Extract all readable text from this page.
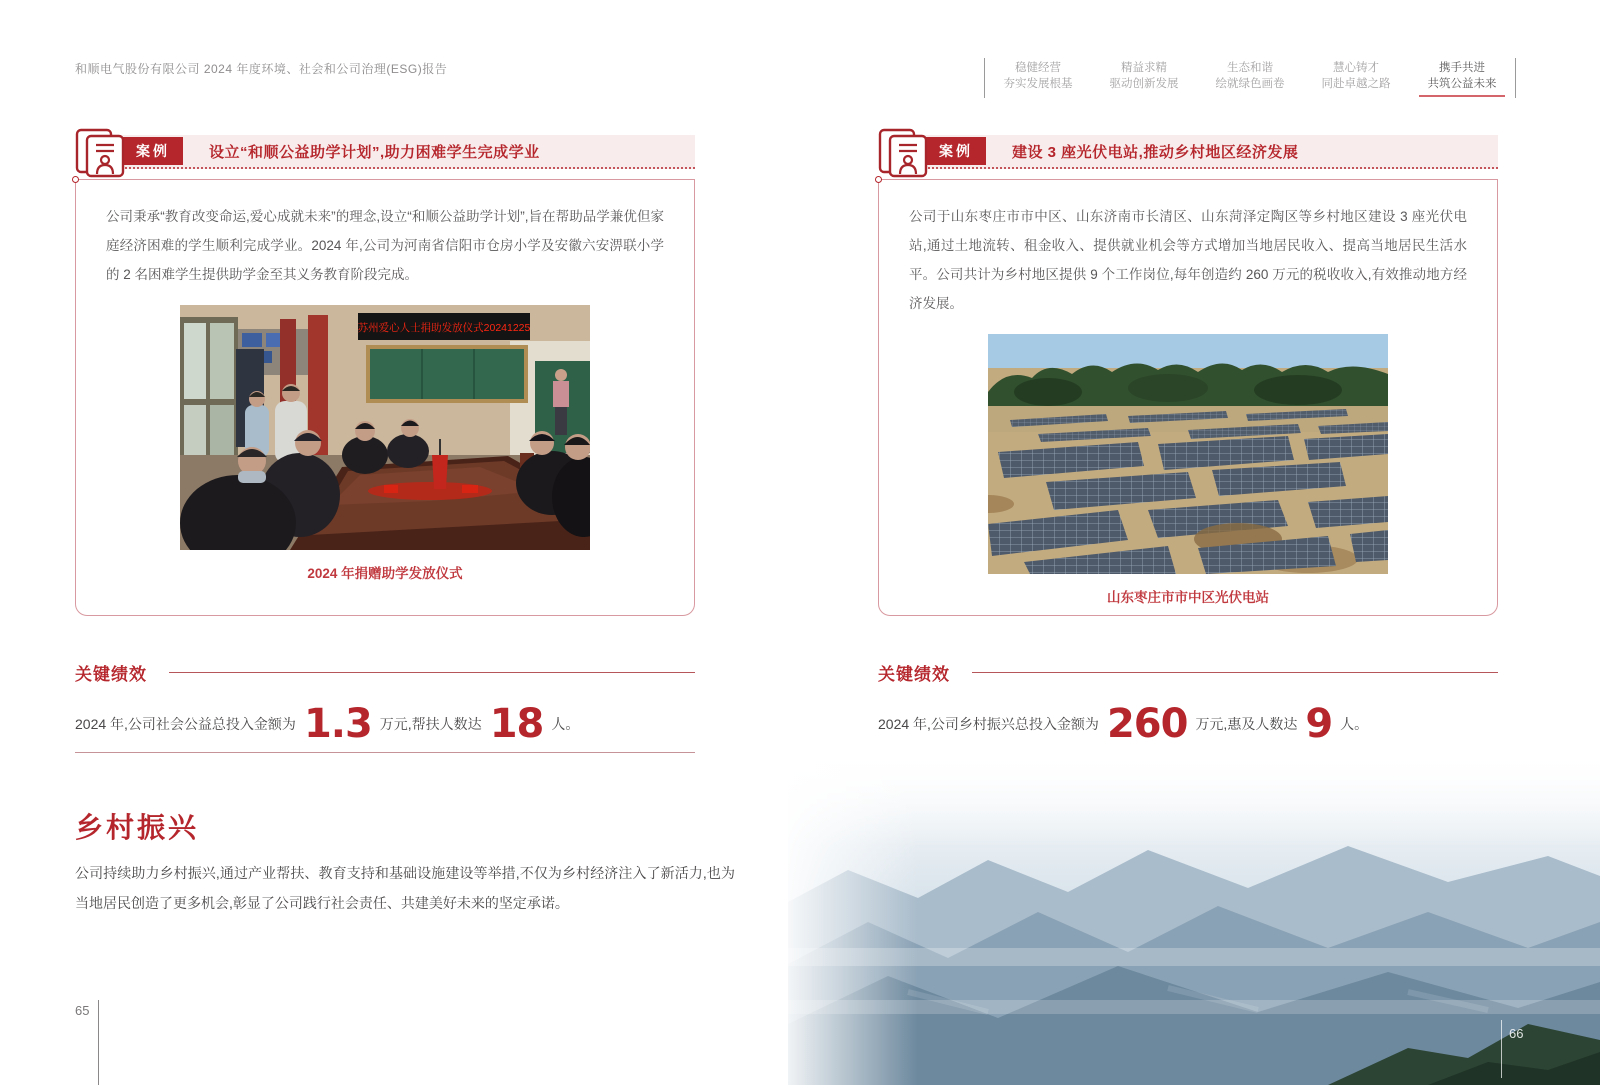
和顺电气股份有限公司 2024 年度环境、社会和公司治理(ESG)报告	稳健经营
夯实发展根基
精益求精
驱动创新发展
生态和谐
绘就绿色画卷
慧心铸才
同赴卓越之路
携手共进
共筑公益未来
案例	设立“和顺公益助学计划”,助力困难学生完成学业

公司秉承“教育改变命运,爱心成就未来”的理念,设立“和顺公益助学计划”,旨在帮助品学兼优但家庭经济困难的学生顺利完成学业。2024 年,公司为河南省信阳市仓房小学及安徽六安淠联小学的 2 名困难学生提供助学金至其义务教育阶段完成。

苏州爱心人士捐助发放仪式20241225
2024 年捐赠助学发放仪式
案例	建设 3 座光伏电站,推动乡村地区经济发展

公司于山东枣庄市市中区、山东济南市长清区、山东菏泽定陶区等乡村地区建设 3 座光伏电站,通过土地流转、租金收入、提供就业机会等方式增加当地居民收入、提高当地居民生活水平。公司共计为乡村地区提供 9 个工作岗位,每年创造约 260 万元的税收收入,有效推动地方经济发展。

山东枣庄市市中区光伏电站
关键绩效
2024 年,公司社会公益总投入金额为 1.3 万元,帮扶人数达 18 人。
关键绩效
2024 年,公司乡村振兴总投入金额为 260 万元,惠及人数达 9 人。
乡村振兴

公司持续助力乡村振兴,通过产业帮扶、教育支持和基础设施建设等举措,不仅为乡村经济注入了新活力,也为当地居民创造了更多机会,彰显了公司践行社会责任、共建美好未来的坚定承诺。

66
65
